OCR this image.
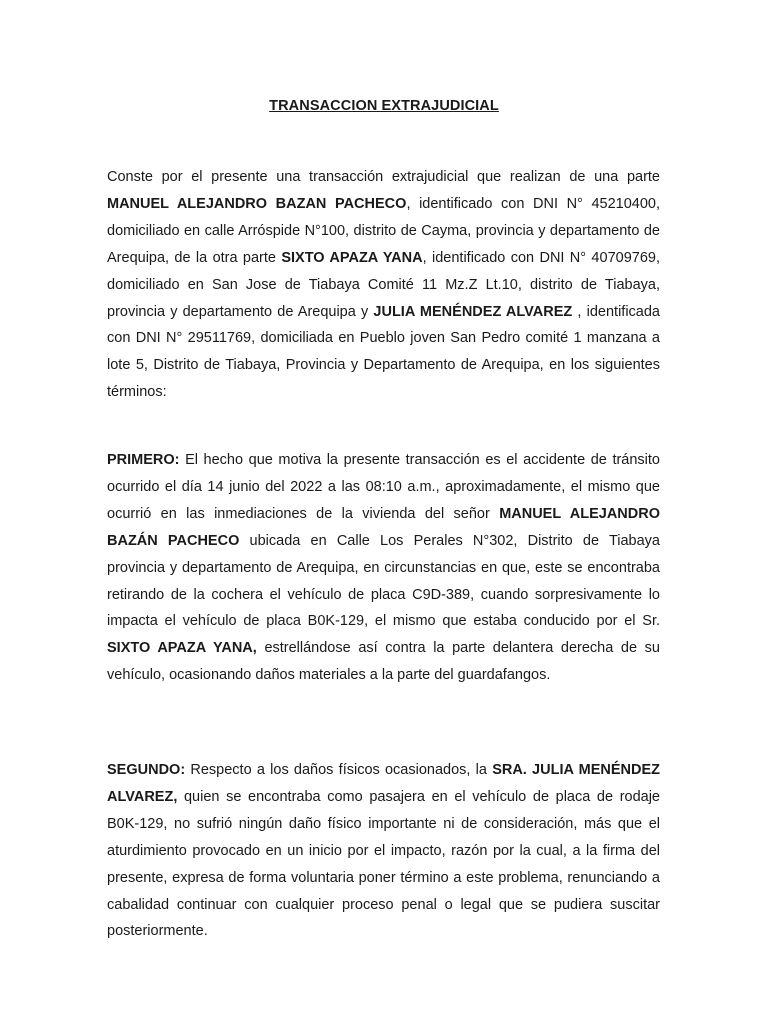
TRANSACCION EXTRAJUDICIAL

Conste por el presente una transacción extrajudicial que realizan de una parte MANUEL ALEJANDRO BAZAN PACHECO, identificado con DNI N° 45210400, domiciliado en calle Arróspide N°100, distrito de Cayma, provincia y departamento de Arequipa, de la otra parte SIXTO APAZA YANA, identificado con DNI N° 40709769, domiciliado en San Jose de Tiabaya Comité 11 Mz.Z Lt.10, distrito de Tiabaya, provincia y departamento de Arequipa y JULIA MENÉNDEZ ALVAREZ , identificada con DNI N° 29511769, domiciliada en Pueblo joven San Pedro comité 1 manzana a lote 5, Distrito de Tiabaya, Provincia y Departamento de Arequipa, en los siguientes términos:

PRIMERO: El hecho que motiva la presente transacción es el accidente de tránsito ocurrido el día 14 junio del 2022 a las 08:10 a.m., aproximadamente, el mismo que ocurrió en las inmediaciones de la vivienda del señor MANUEL ALEJANDRO BAZÁN PACHECO ubicada en Calle Los Perales N°302, Distrito de Tiabaya provincia y departamento de Arequipa, en circunstancias en que, este se encontraba retirando de la cochera el vehículo de placa C9D-389, cuando sorpresivamente lo impacta el vehículo de placa B0K-129, el mismo que estaba conducido por el Sr. SIXTO APAZA YANA, estrellándose así contra la parte delantera derecha de su vehículo, ocasionando daños materiales a la parte del guardafangos.

SEGUNDO: Respecto a los daños físicos ocasionados, la SRA. JULIA MENÉNDEZ ALVAREZ, quien se encontraba como pasajera en el vehículo de placa de rodaje B0K-129, no sufrió ningún daño físico importante ni de consideración, más que el aturdimiento provocado en un inicio por el impacto, razón por la cual, a la firma del presente, expresa de forma voluntaria poner término a este problema, renunciando a cabalidad continuar con cualquier proceso penal o legal que se pudiera suscitar posteriormente.
